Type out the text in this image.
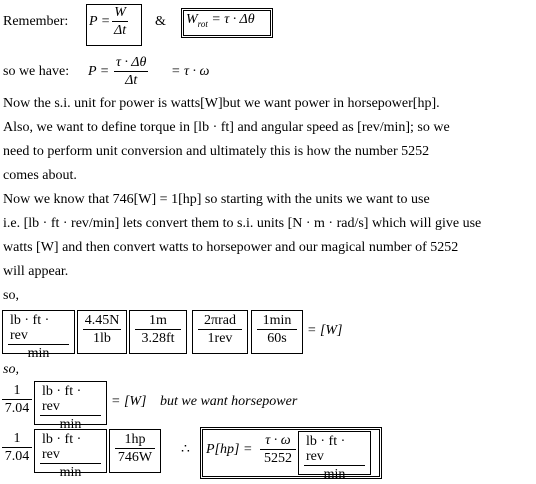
Remember: P =
W
Δt
& $W_{rot} = \tau \cdot \Delta\theta$
so we have: P =
τ · Δθ
Δt
= τ · ω
Now the s.i. unit for power is watts[W]but we want power in horsepower[hp].
Also, we want to define torque in [lb · ft] and angular speed as [rev/min]; so we
need to perform unit conversion and ultimately this is how the number 5252
comes about.
Now we know that 746[W] = 1[hp] so starting with the units we want to use
i.e. [lb · ft · rev/min] lets convert them to s.i. units [N · m · rad/s] which will give use
watts [W] and then convert watts to horsepower and our magical number of 5252
will appear.
so,
lb · ft · rev
min
4.45N
1lb
1m
3.28ft
2πrad
1rev
1min
60s
= [W]
so,
1
7.04
lb · ft · rev
min
= [W] but we want horsepower
1
7.04
lb · ft · rev
min
1hp
746W
∴ P[hp] =
τ · ω
5252
lb · ft · rev
min
